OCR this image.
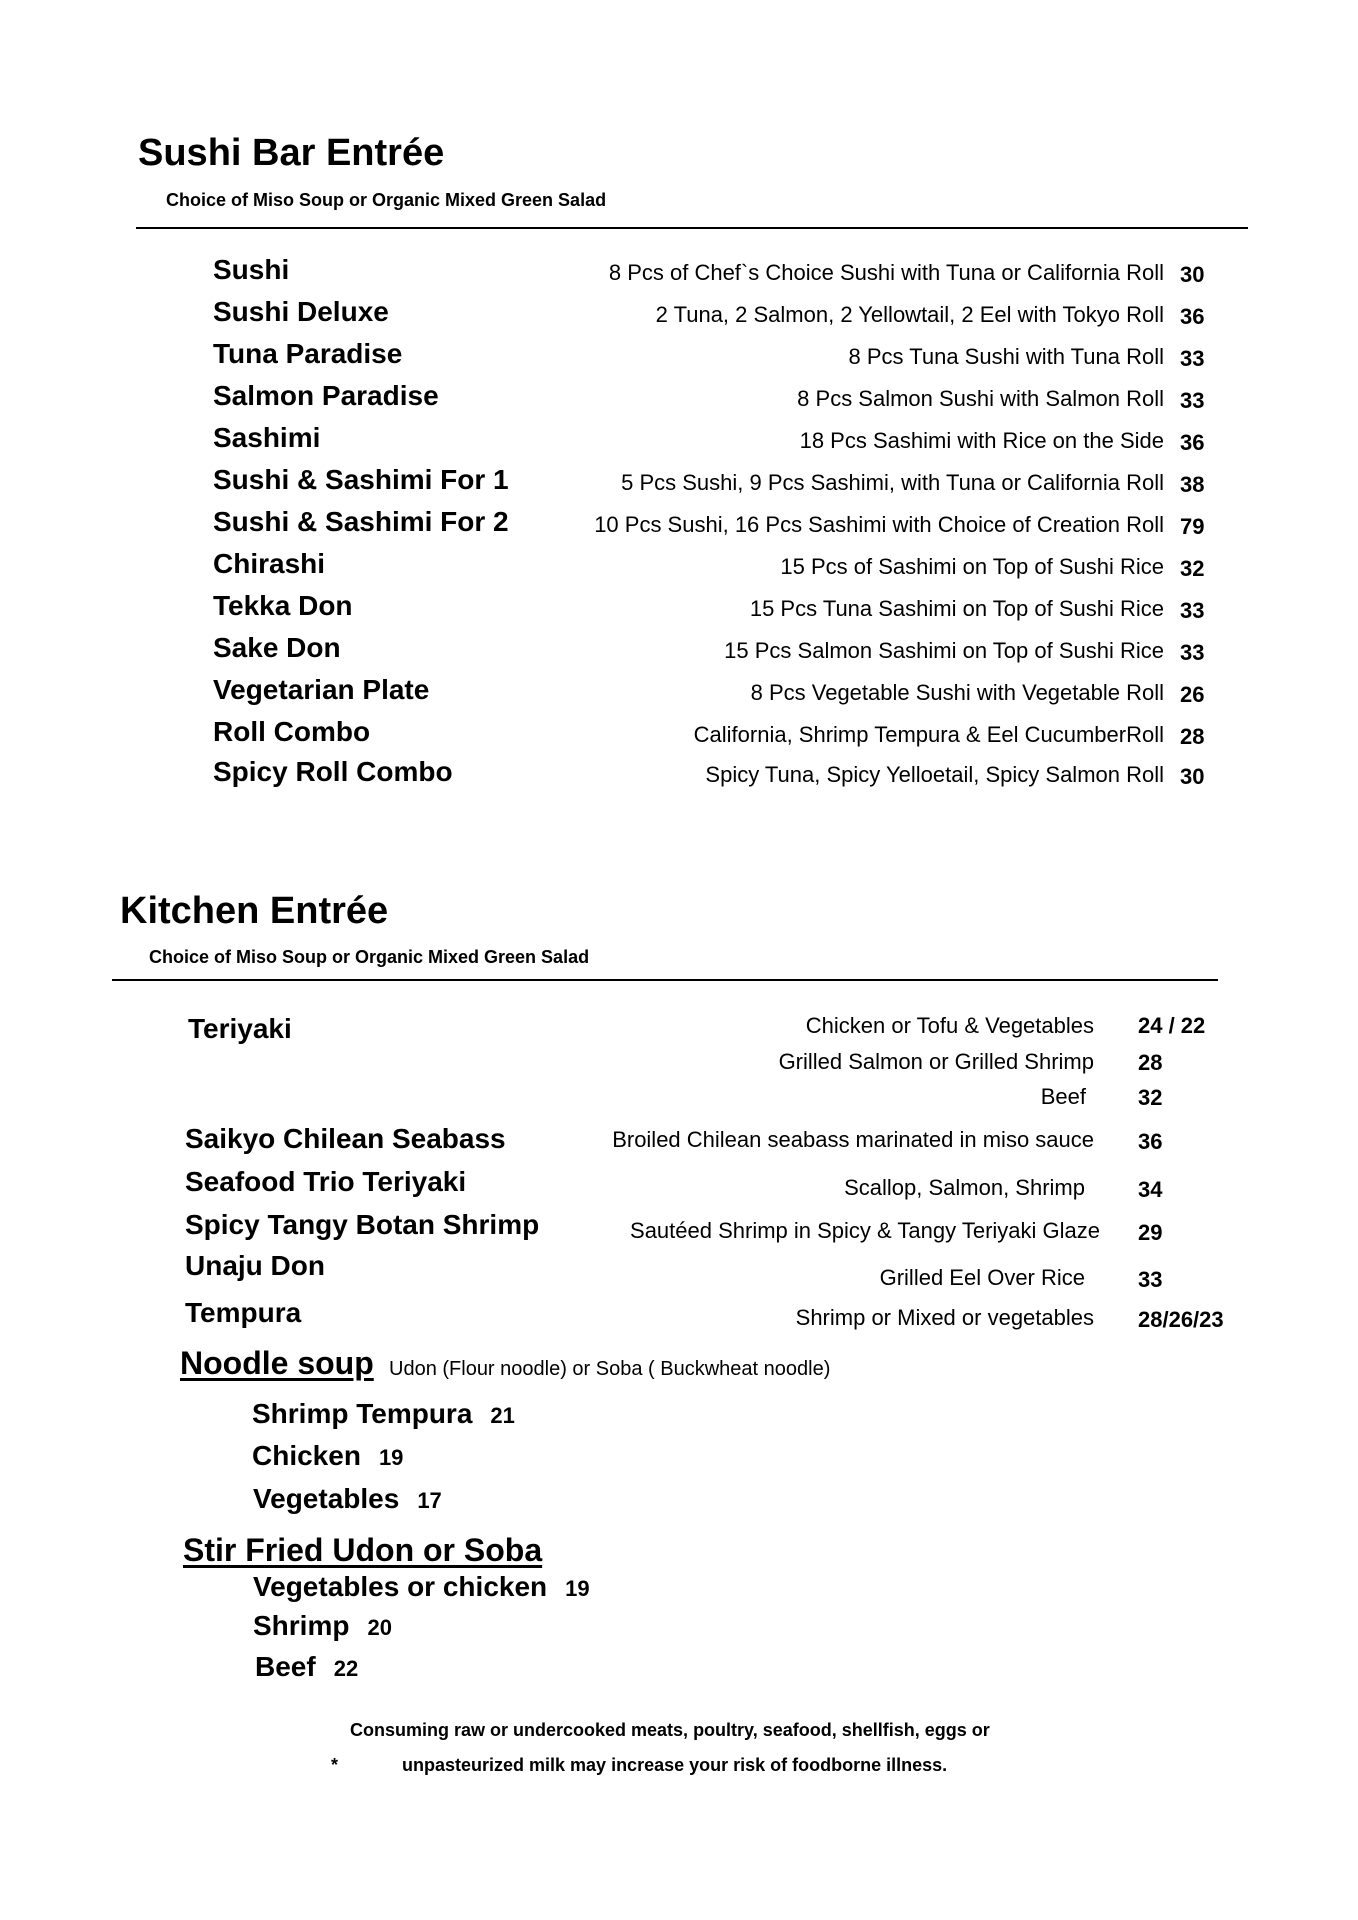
Sushi Bar Entrée
Choice of Miso Soup or Organic Mixed Green Salad
Sushi	8 Pcs of Chef`s Choice Sushi with Tuna or California Roll 30
Sushi Deluxe	2 Tuna, 2 Salmon, 2 Yellowtail, 2 Eel with Tokyo Roll 36
Tuna Paradise	8 Pcs Tuna Sushi with Tuna Roll 33
Salmon Paradise	8 Pcs Salmon Sushi with Salmon Roll 33
Sashimi	18 Pcs Sashimi with Rice on the Side 36
Sushi & Sashimi For 1	5 Pcs Sushi, 9 Pcs Sashimi, with Tuna or California Roll 38
Sushi & Sashimi For 2	10 Pcs Sushi, 16 Pcs Sashimi with Choice of Creation Roll 79
Chirashi	15 Pcs of Sashimi on Top of Sushi Rice 32
Tekka Don	15 Pcs Tuna Sashimi on Top of Sushi Rice 33
Sake Don	15 Pcs Salmon Sashimi on Top of Sushi Rice 33
Vegetarian Plate	8 Pcs Vegetable Sushi with Vegetable Roll 26
Roll Combo	California, Shrimp Tempura & Eel CucumberRoll 28
Spicy Roll Combo	Spicy Tuna, Spicy Yelloetail, Spicy Salmon Roll 30
Kitchen Entrée
Choice of Miso Soup or Organic Mixed Green Salad
Teriyaki	Chicken or Tofu & Vegetables 24 / 22
Grilled Salmon or Grilled Shrimp 28
Beef 32
Saikyo Chilean Seabass	Broiled Chilean seabass marinated in miso sauce 36
Seafood Trio Teriyaki	Scallop, Salmon, Shrimp 34
Spicy Tangy Botan Shrimp	Sautéed Shrimp in Spicy & Tangy Teriyaki Glaze 29
Unaju Don	Grilled Eel Over Rice 33
Tempura	Shrimp or Mixed or vegetables 28/26/23
Noodle soup Udon (Flour noodle) or Soba ( Buckwheat noodle)
Shrimp Tempura 21
Chicken 19
Vegetables 17
Stir Fried Udon or Soba
Vegetables or chicken 19
Shrimp 20
Beef 22
Consuming raw or undercooked meats, poultry, seafood, shellfish, eggs or
*	unpasteurized milk may increase your risk of foodborne illness.
